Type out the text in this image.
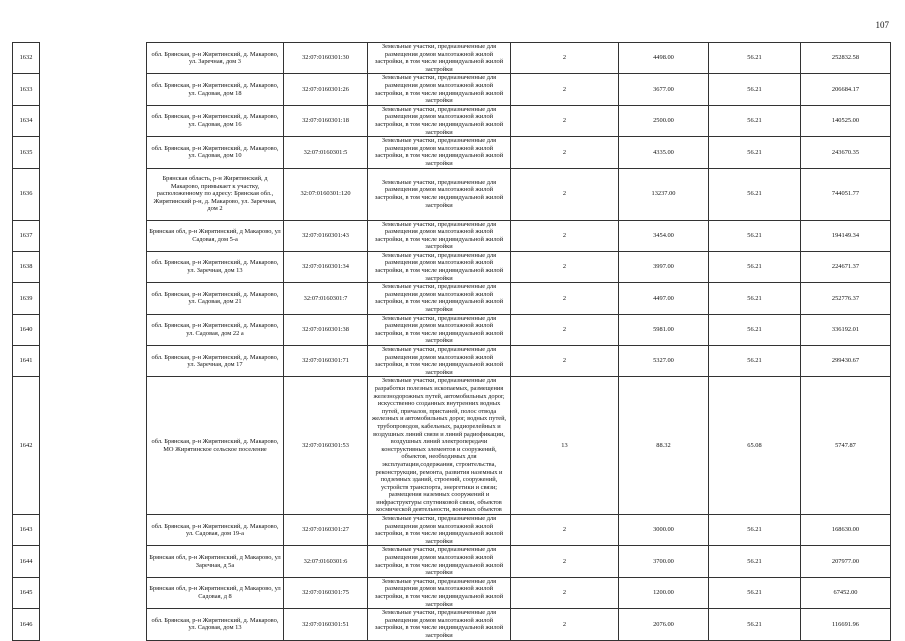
107
1632		обл. Брянская, р-н Жирятинский, д. Макарово, ул. Заречная, дом 3	32:07:0160301:30	Земельные участки, предназначенные для размещения домов малоэтажной жилой застройки, в том числе индивидуальной жилой застройки	2	4498.00	56.21	252832.58
1633		обл. Брянская, р-н Жирятинский, д. Макарово, ул. Садовая, дом 18	32:07:0160301:26	Земельные участки, предназначенные для размещения домов малоэтажной жилой застройки, в том числе индивидуальной жилой застройки	2	3677.00	56.21	206684.17
1634		обл. Брянская, р-н Жирятинский, д. Макарово, ул. Садовая, дом 16	32:07:0160301:18	Земельные участки, предназначенные для размещения домов малоэтажной жилой застройки, в том числе индивидуальной жилой застройки	2	2500.00	56.21	140525.00
1635		обл. Брянская, р-н Жирятинский, д. Макарово, ул. Садовая, дом 10	32:07:0160301:5	Земельные участки, предназначенные для размещения домов малоэтажной жилой застройки, в том числе индивидуальной жилой застройки	2	4335.00	56.21	243670.35
1636		Брянская область, р-н Жирятинский, д Макарово, примыкает к участку, расположенному по адресу: Брянская обл., Жирятинский р-н, д. Макарово, ул. Заречная, дом 2	32:07:0160301:120	Земельные участки, предназначенные для размещения домов малоэтажной жилой застройки, в том числе индивидуальной жилой застройки	2	13237.00	56.21	744051.77
1637		Брянская обл, р-н Жирятинский, д Макарово, ул Садовая, дом 5-а	32:07:0160301:43	Земельные участки, предназначенные для размещения домов малоэтажной жилой застройки, в том числе индивидуальной жилой застройки	2	3454.00	56.21	194149.34
1638		обл. Брянская, р-н Жирятинский, д. Макарово, ул. Заречная, дом 13	32:07:0160301:34	Земельные участки, предназначенные для размещения домов малоэтажной жилой застройки, в том числе индивидуальной жилой застройки	2	3997.00	56.21	224671.37
1639		обл. Брянская, р-н Жирятинский, д. Макарово, ул. Садовая, дом 21	32:07:0160301:7	Земельные участки, предназначенные для размещения домов малоэтажной жилой застройки, в том числе индивидуальной жилой застройки	2	4497.00	56.21	252776.37
1640		обл. Брянская, р-н Жирятинский, д. Макарово, ул. Садовая, дом 22 а	32:07:0160301:38	Земельные участки, предназначенные для размещения домов малоэтажной жилой застройки, в том числе индивидуальной жилой застройки	2	5981.00	56.21	336192.01
1641		обл. Брянская, р-н Жирятинский, д. Макарово, ул. Заречная, дом 17	32:07:0160301:71	Земельные участки, предназначенные для размещения домов малоэтажной жилой застройки, в том числе индивидуальной жилой застройки	2	5327.00	56.21	299430.67
1642		обл. Брянская, р-н Жирятинский, д. Макарово, МО Жирятинское сельское поселение	32:07:0160301:53	Земельные участки, предназначенные для разработки полезных ископаемых, размещения железнодорожных путей, автомобильных дорог, искусственно созданных внутренних водных путей, причалов, пристаней, полос отвода железных и автомобильных дорог, водных путей, трубопроводов, кабельных, радиорелейных и воздушных линий связи и линий радиофикации, воздушных линий электропередачи конструктивных элементов и сооружений, объектов, необходимых для эксплуатации,содержания, строительства, реконструкции, ремонта, развития наземных и подземных зданий, строений, сооружений, устройств транспорта, энергетики и связи; размещения наземных сооружений и инфраструктуры спутниковой связи, объектов космической деятельности, военных объектов	13	88.32	65.08	5747.87
1643		обл. Брянская, р-н Жирятинский, д. Макарово, ул. Садовая, дом 19-а	32:07:0160301:27	Земельные участки, предназначенные для размещения домов малоэтажной жилой застройки, в том числе индивидуальной жилой застройки	2	3000.00	56.21	168630.00
1644		Брянская обл, р-н Жирятинский, д Макарово, ул Заречная, д 5а	32:07:0160301:6	Земельные участки, предназначенные для размещения домов малоэтажной жилой застройки, в том числе индивидуальной жилой застройки	2	3700.00	56.21	207977.00
1645		Брянская обл, р-н Жирятинский, д Макарово, ул Садовая, д 8	32:07:0160301:75	Земельные участки, предназначенные для размещения домов малоэтажной жилой застройки, в том числе индивидуальной жилой застройки	2	1200.00	56.21	67452.00
1646		обл. Брянская, р-н Жирятинский, д. Макарово, ул. Садовая, дом 13	32:07:0160301:51	Земельные участки, предназначенные для размещения домов малоэтажной жилой застройки, в том числе индивидуальной жилой застройки	2	2076.00	56.21	116691.96
